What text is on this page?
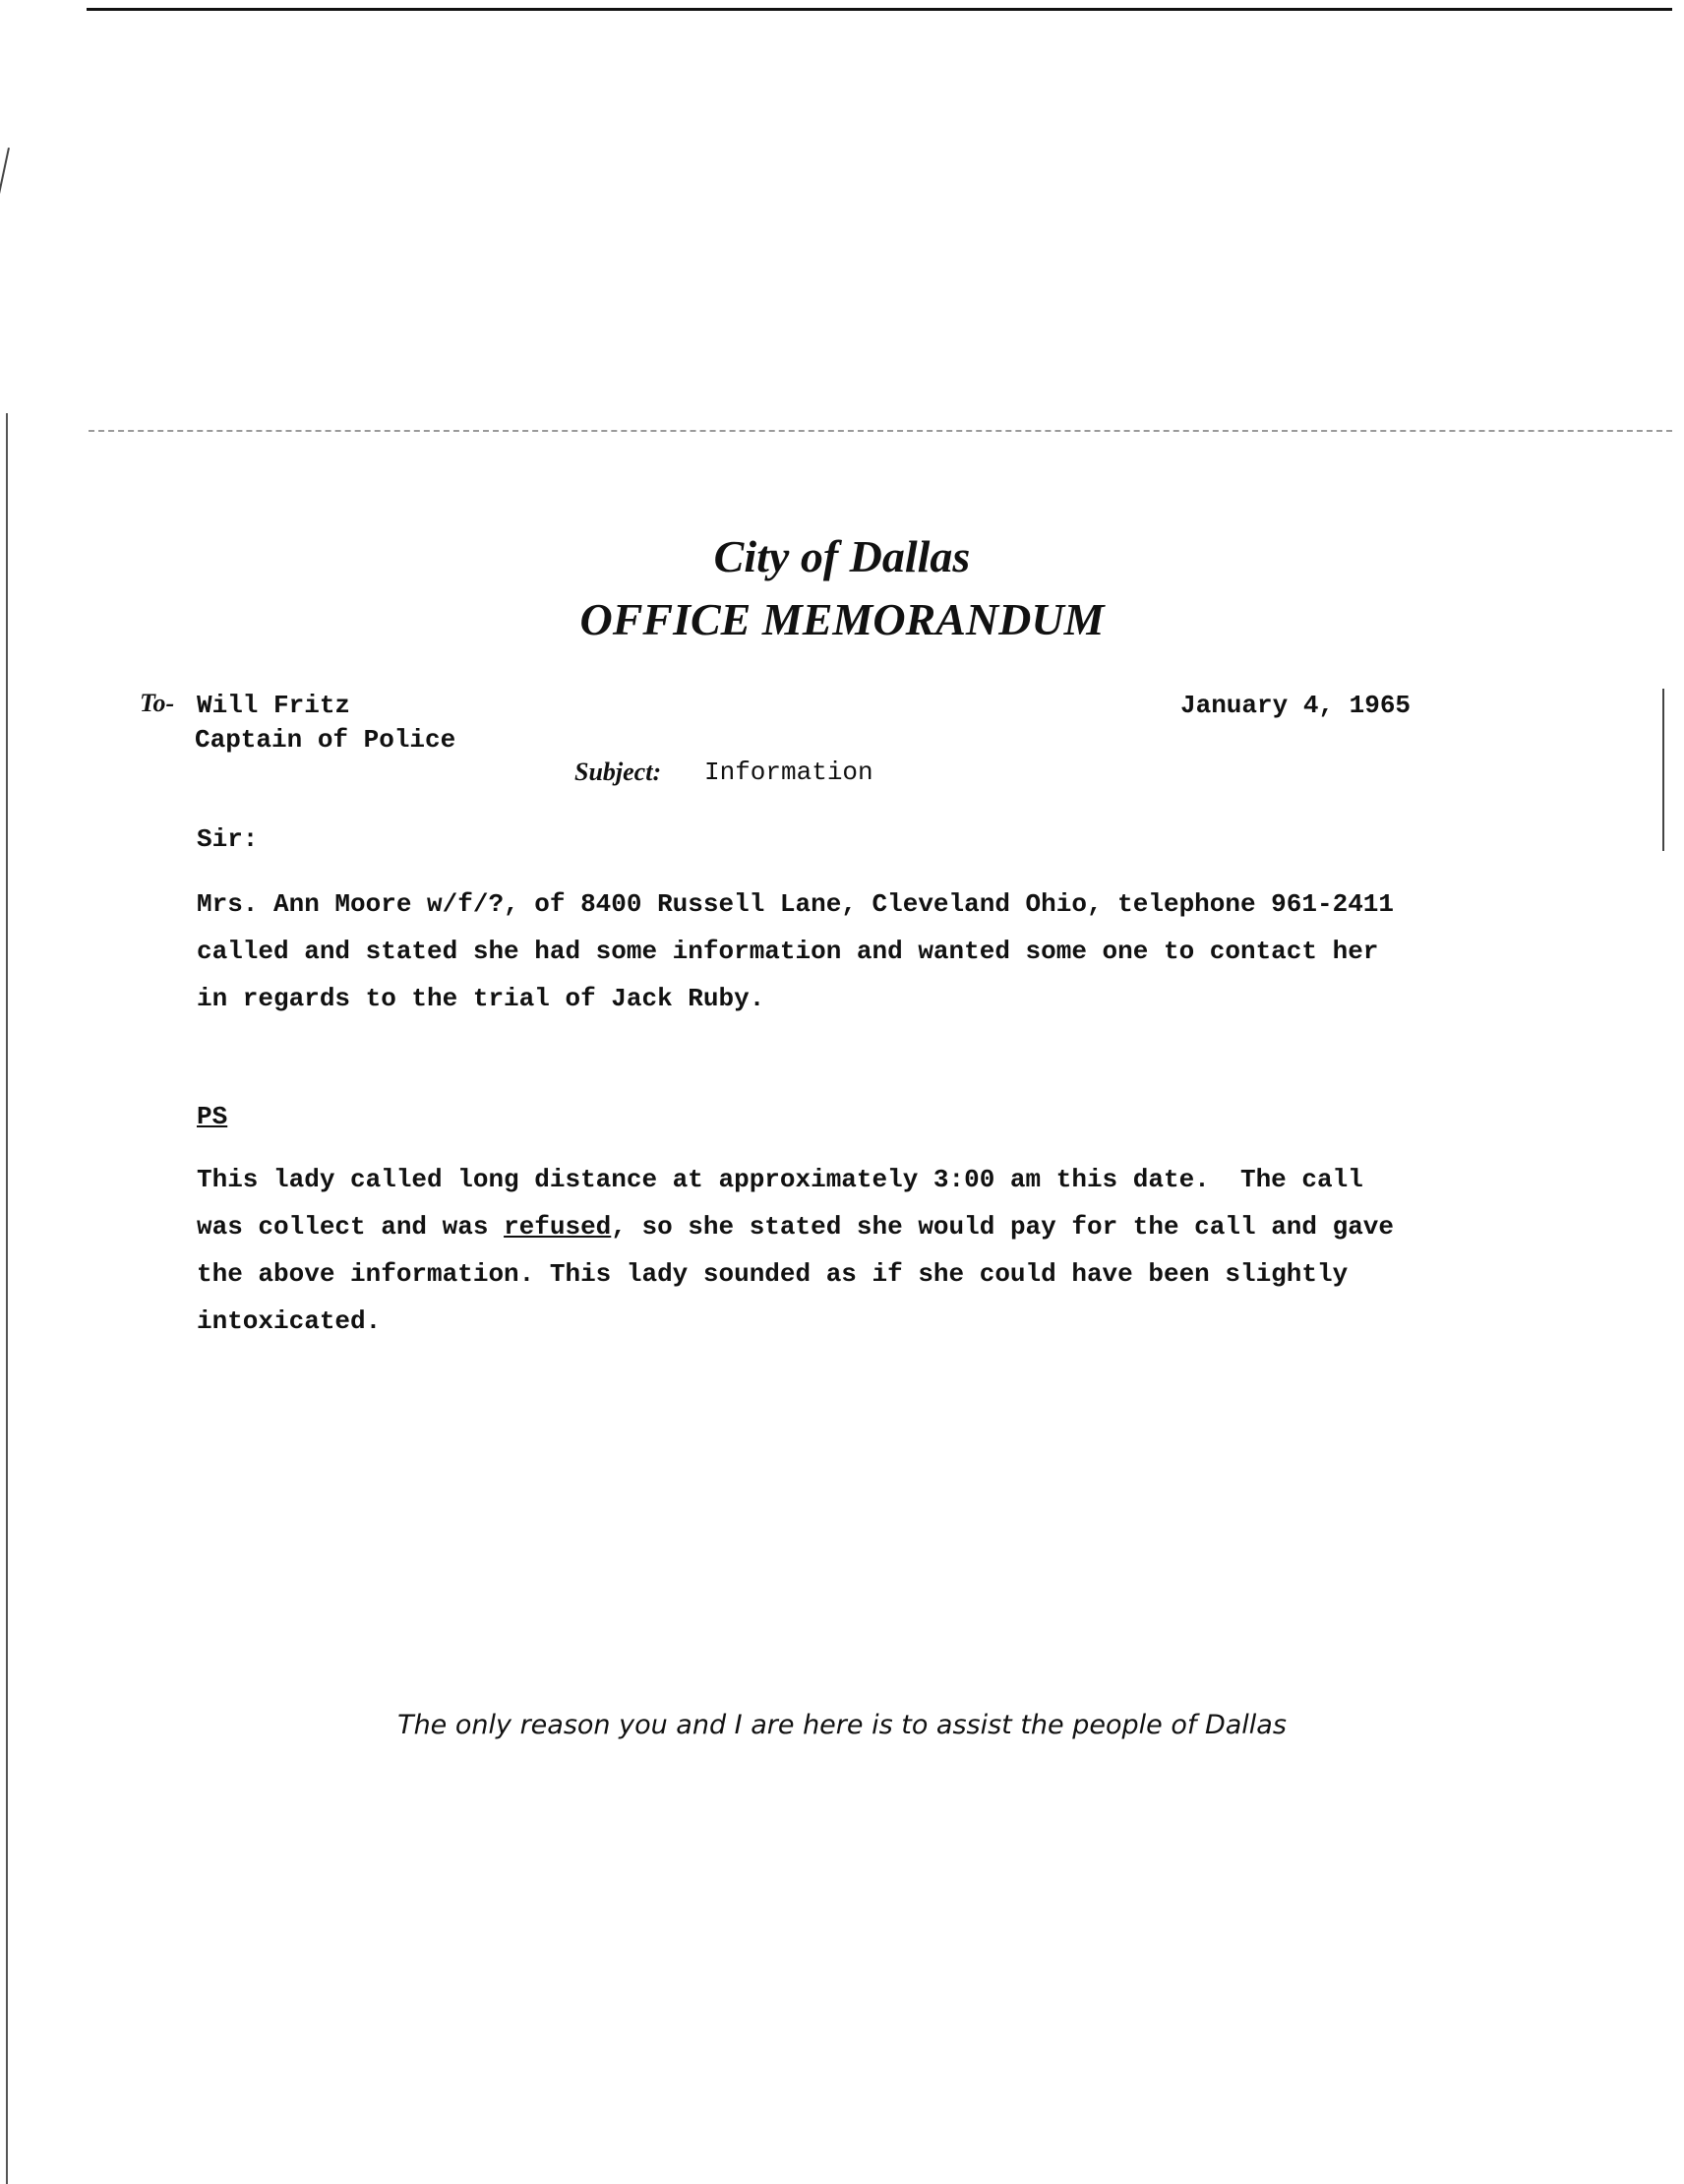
City of Dallas
OFFICE MEMORANDUM
To- Will Fritz
Captain of Police
January 4, 1965
Subject: Information
Sir:
Mrs. Ann Moore w/f/?, of 8400 Russell Lane, Cleveland Ohio, telephone 961-2411
called and stated she had some information and wanted some one to contact her
in regards to the trial of Jack Ruby.
PS
This lady called long distance at approximately 3:00 am this date.  The call
was collect and was refused, so she stated she would pay for the call and gave
the above information. This lady sounded as if she could have been slightly
intoxicated.
The only reason you and I are here is to assist the people of Dallas
